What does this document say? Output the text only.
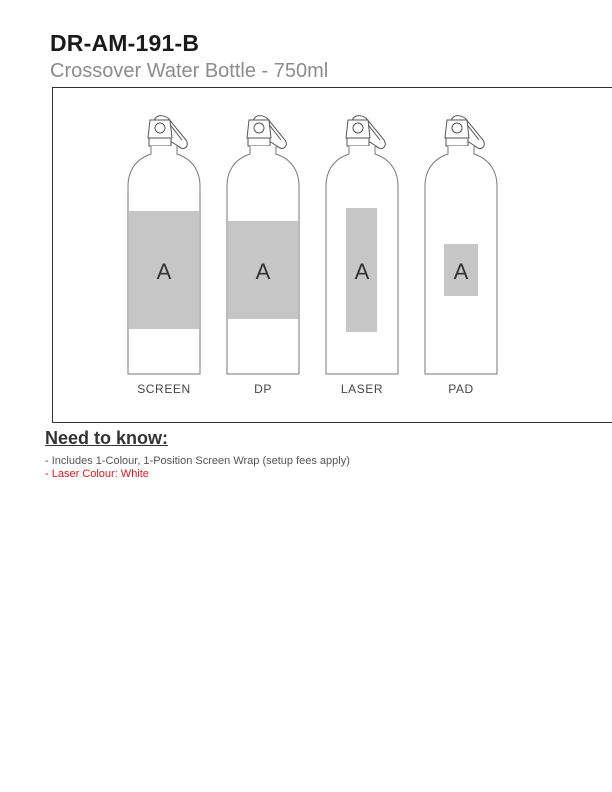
DR-AM-191-B
Crossover Water Bottle - 750ml
A
SCREEN
A
DP
A
LASER
A
PAD
Need to know:
- Includes 1-Colour, 1-Position Screen Wrap (setup fees apply)
- Laser Colour: White
